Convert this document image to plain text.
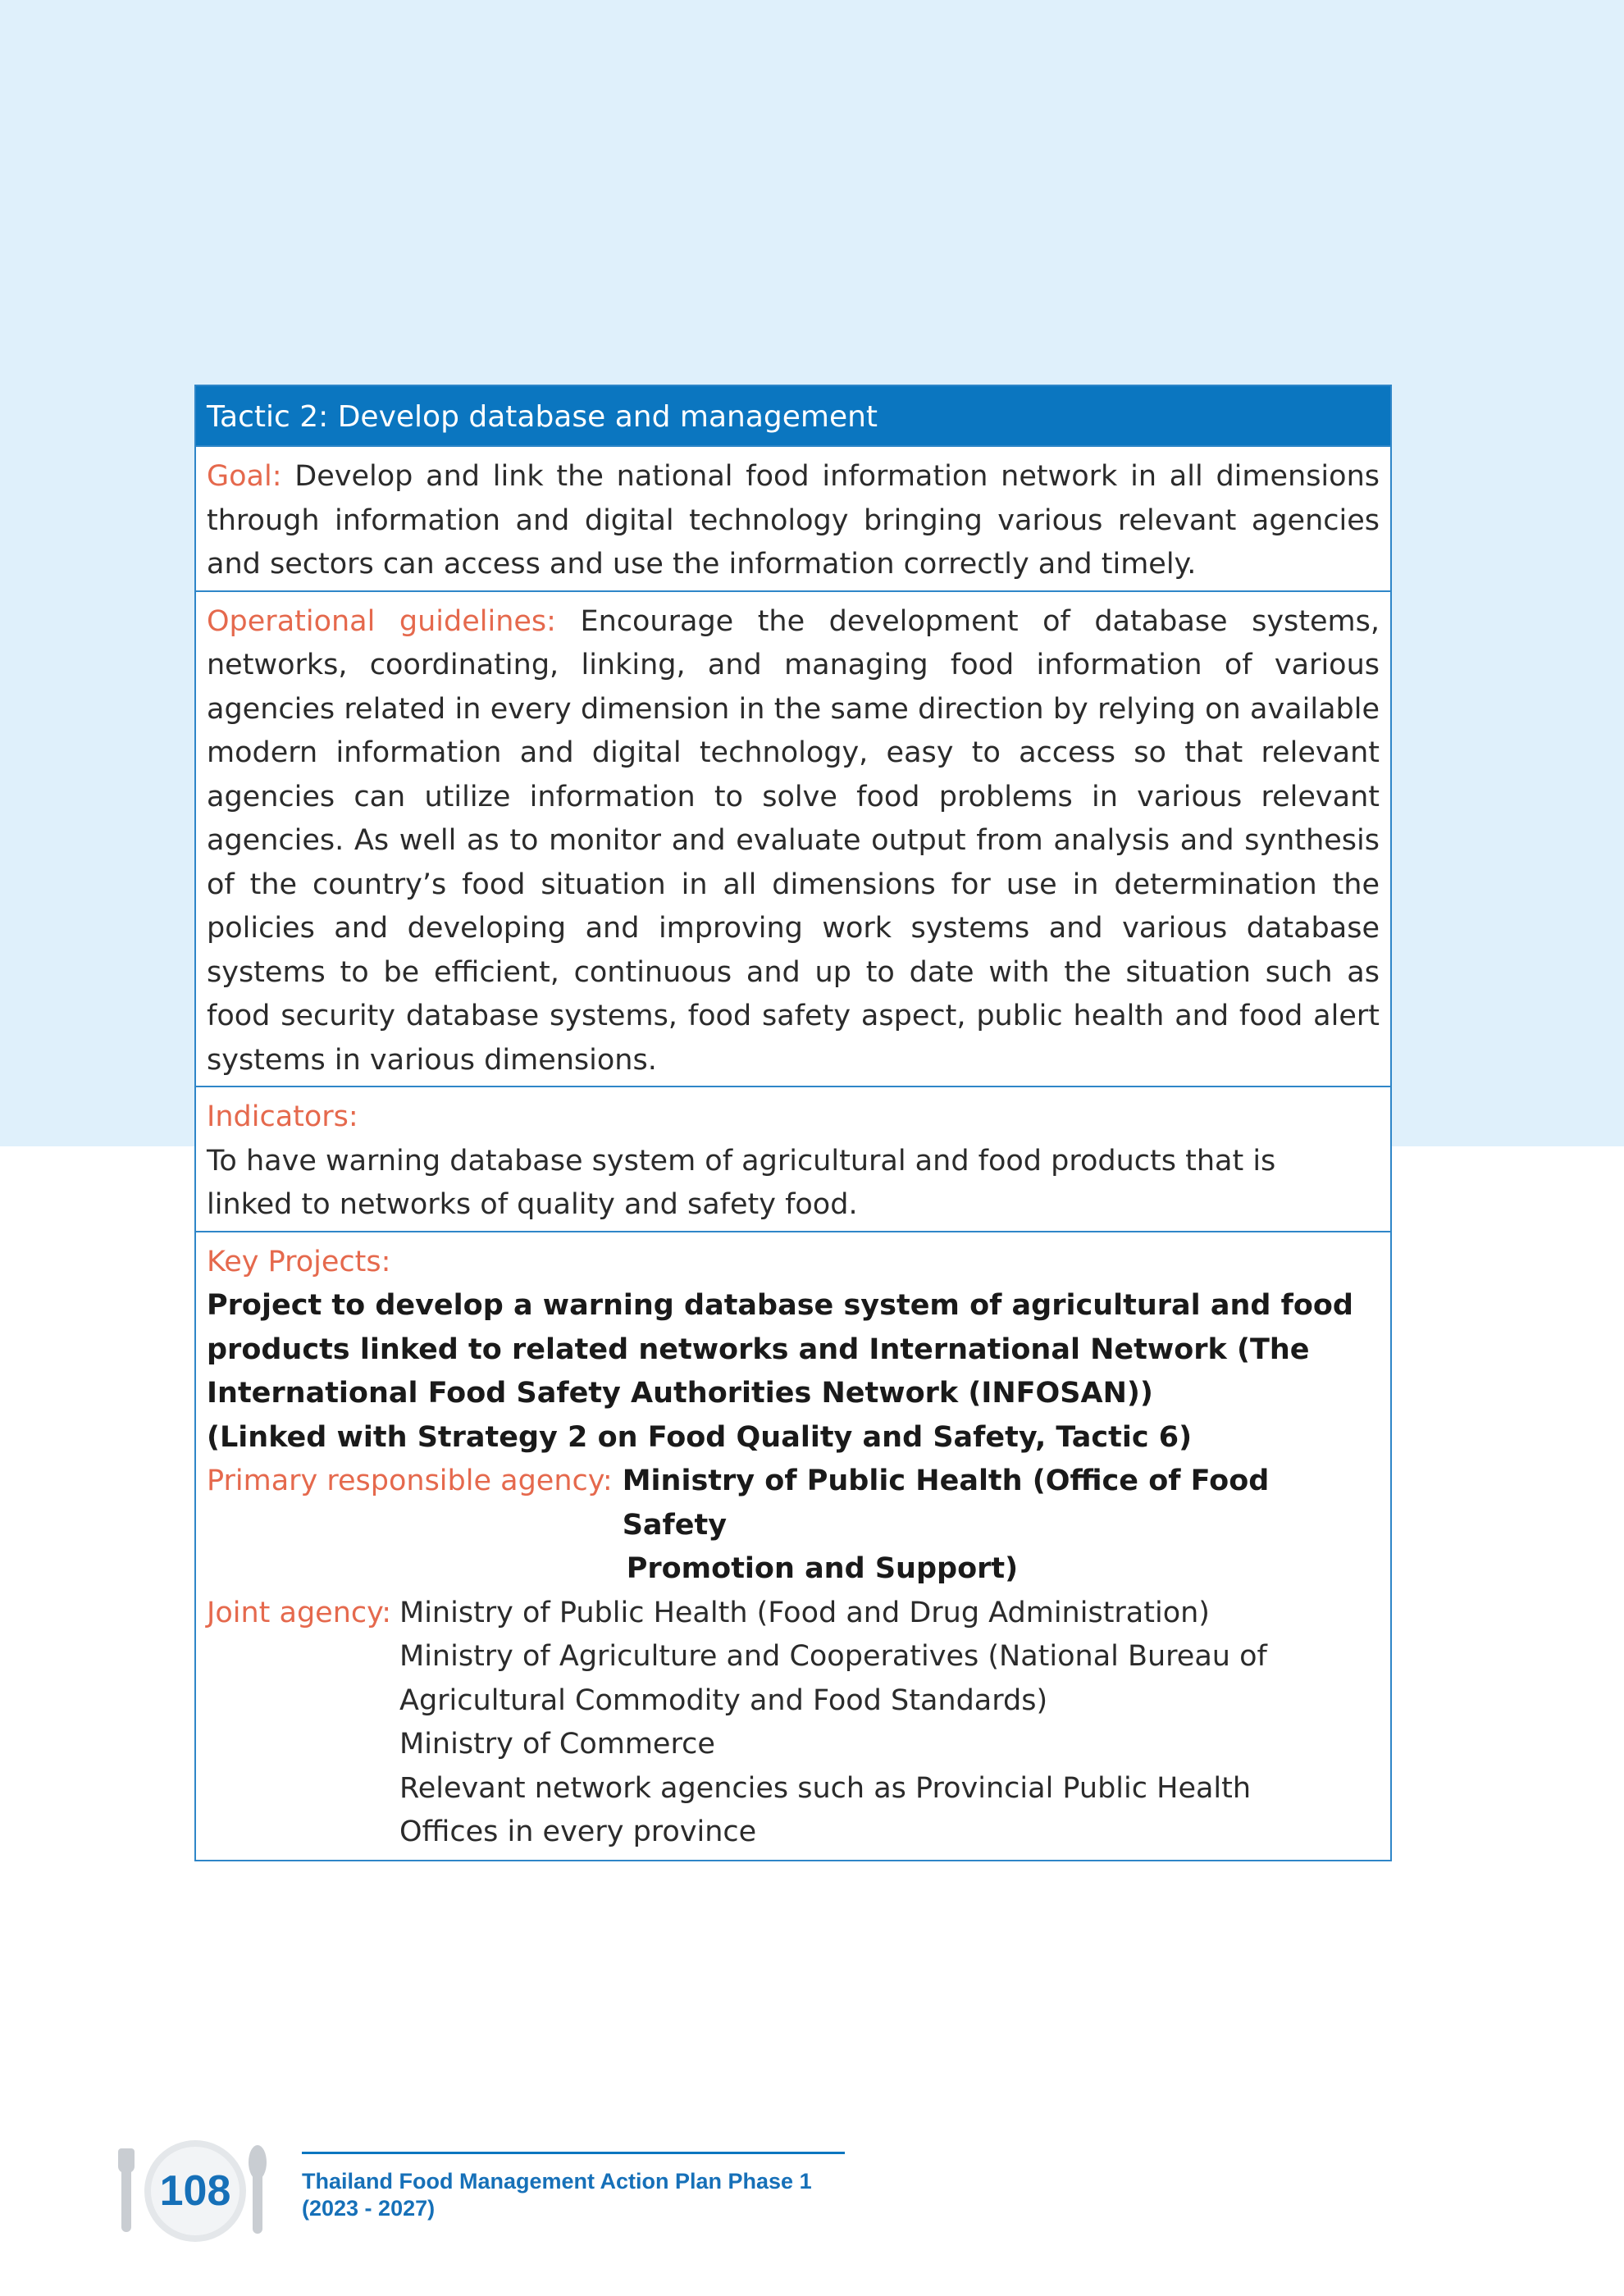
Tactic 2: Develop database and management
Goal: Develop and link the national food information network in all dimensions through information and digital technology bringing various relevant agencies and sectors can access and use the information correctly and timely.
Operational guidelines: Encourage the development of database systems, networks, coordinating, linking, and managing food information of various agencies related in every dimension in the same direction by relying on available modern information and digital technology, easy to access so that relevant agencies can utilize information to solve food problems in various relevant agencies. As well as to monitor and evaluate output from analysis and synthesis of the country’s food situation in all dimensions for use in determination the policies and developing and improving work systems and various database systems to be efficient, continuous and up to date with the situation such as food security database systems, food safety aspect, public health and food alert systems in various dimensions.
Indicators:
To have warning database system of agricultural and food products that is linked to networks of quality and safety food.
Key Projects:
Project to develop a warning database system of agricultural and food products linked to related networks and International Network (The International Food Safety Authorities Network (INFOSAN))
(Linked with Strategy 2 on Food Quality and Safety, Tactic 6)
Primary responsible agency: Ministry of Public Health (Office of Food Safety
Promotion and Support)
Joint agency: Ministry of Public Health (Food and Drug Administration)
Ministry of Agriculture and Cooperatives (National Bureau of Agricultural Commodity and Food Standards)
Ministry of Commerce
Relevant network agencies such as Provincial Public Health Offices in every province
108	Thailand Food Management Action Plan Phase 1
(2023 - 2027)
